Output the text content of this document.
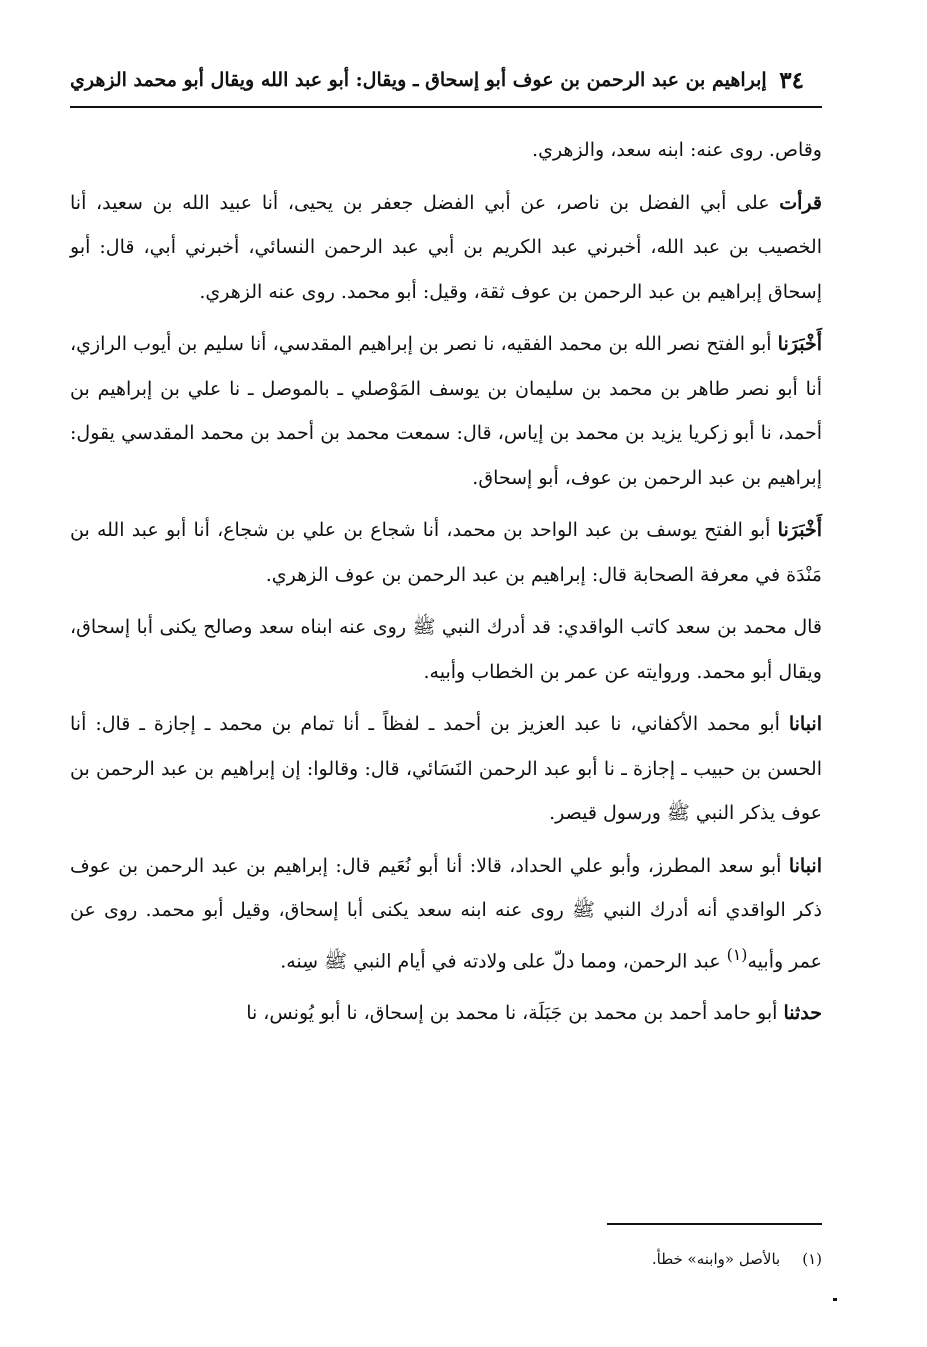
٣٤
إبراهيم بن عبد الرحمن بن عوف أبو إسحاق ـ ويقال: أبو عبد الله ويقال أبو محمد الزهري

وقاص. روى عنه: ابنه سعد، والزهري.

قرأت على أبي الفضل بن ناصر، عن أبي الفضل جعفر بن يحيى، أنا عبيد الله بن سعيد، أنا الخصيب بن عبد الله، أخبرني عبد الكريم بن أبي عبد الرحمن النسائي، أخبرني أبي، قال: أبو إسحاق إبراهيم بن عبد الرحمن بن عوف ثقة، وقيل: أبو محمد. روى عنه الزهري.

أَخْبَرَنا أبو الفتح نصر الله بن محمد الفقيه، نا نصر بن إبراهيم المقدسي، أنا سليم بن أيوب الرازي، أنا أبو نصر طاهر بن محمد بن سليمان بن يوسف المَوْصلي ـ بالموصل ـ نا علي بن إبراهيم بن أحمد، نا أبو زكريا يزيد بن محمد بن إياس، قال: سمعت محمد بن أحمد بن محمد المقدسي يقول: إبراهيم بن عبد الرحمن بن عوف، أبو إسحاق.

أَخْبَرَنا أبو الفتح يوسف بن عبد الواحد بن محمد، أنا شجاع بن علي بن شجاع، أنا أبو عبد الله بن مَنْدَة في معرفة الصحابة قال: إبراهيم بن عبد الرحمن بن عوف الزهري.

قال محمد بن سعد كاتب الواقدي: قد أدرك النبي ﷺ روى عنه ابناه سعد وصالح يكنى أبا إسحاق، ويقال أبو محمد. وروايته عن عمر بن الخطاب وأبيه.

انبانا أبو محمد الأكفاني، نا عبد العزيز بن أحمد ـ لفظاً ـ أنا تمام بن محمد ـ إجازة ـ قال: أنا الحسن بن حبيب ـ إجازة ـ نا أبو عبد الرحمن النَسَائي، قال: وقالوا: إن إبراهيم بن عبد الرحمن بن عوف يذكر النبي ﷺ ورسول قيصر.

انبانا أبو سعد المطرز، وأبو علي الحداد، قالا: أنا أبو نُعَيم قال: إبراهيم بن عبد الرحمن بن عوف ذكر الواقدي أنه أدرك النبي ﷺ روى عنه ابنه سعد يكنى أبا إسحاق، وقيل أبو محمد. روى عن عمر وأبيه$^{(١)}$ عبد الرحمن، ومما دلّ على ولادته في أيام النبي ﷺ سِنه.

حدثنا أبو حامد أحمد بن محمد بن جَبَلَة، نا محمد بن إسحاق، نا أبو يُونس، نا

(١)بالأصل «وابنه» خطأ.
